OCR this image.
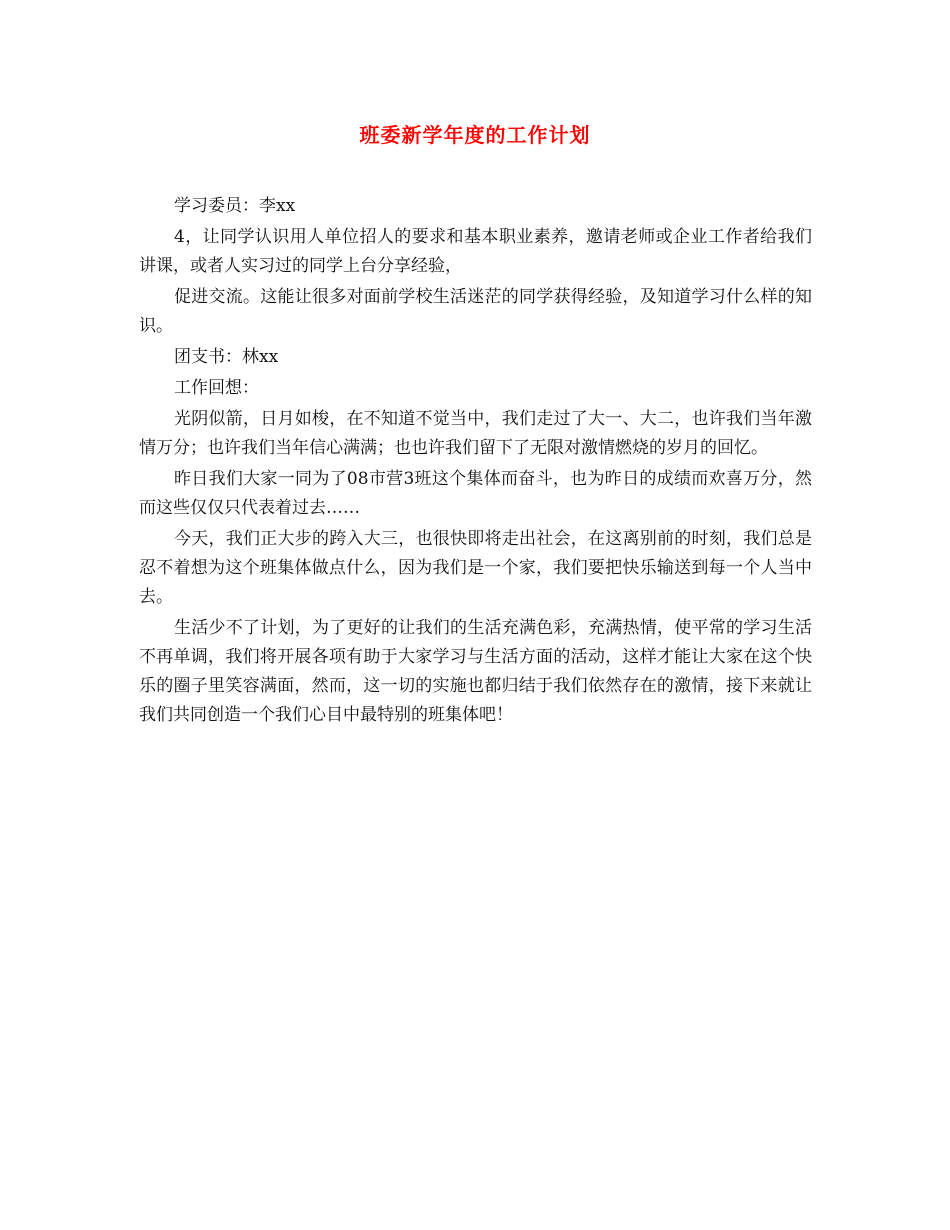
班委新学年度的工作计划

学习委员：李xx

4，让同学认识用人单位招人的要求和基本职业素养，邀请老师或企业工作者给我们讲课，或者人实习过的同学上台分享经验，

促进交流。这能让很多对面前学校生活迷茫的同学获得经验，及知道学习什么样的知识。

团支书：林xx

工作回想：

光阴似箭，日月如梭，在不知道不觉当中，我们走过了大一、大二，也许我们当年激情万分；也许我们当年信心满满；也也许我们留下了无限对激情燃烧的岁月的回忆。

昨日我们大家一同为了08市营3班这个集体而奋斗，也为昨日的成绩而欢喜万分，然而这些仅仅只代表着过去……

今天，我们正大步的跨入大三，也很快即将走出社会，在这离别前的时刻，我们总是忍不着想为这个班集体做点什么，因为我们是一个家，我们要把快乐输送到每一个人当中去。

生活少不了计划，为了更好的让我们的生活充满色彩，充满热情，使平常的学习生活不再单调，我们将开展各项有助于大家学习与生活方面的活动，这样才能让大家在这个快乐的圈子里笑容满面，然而，这一切的实施也都归结于我们依然存在的激情，接下来就让我们共同创造一个我们心目中最特别的班集体吧！
